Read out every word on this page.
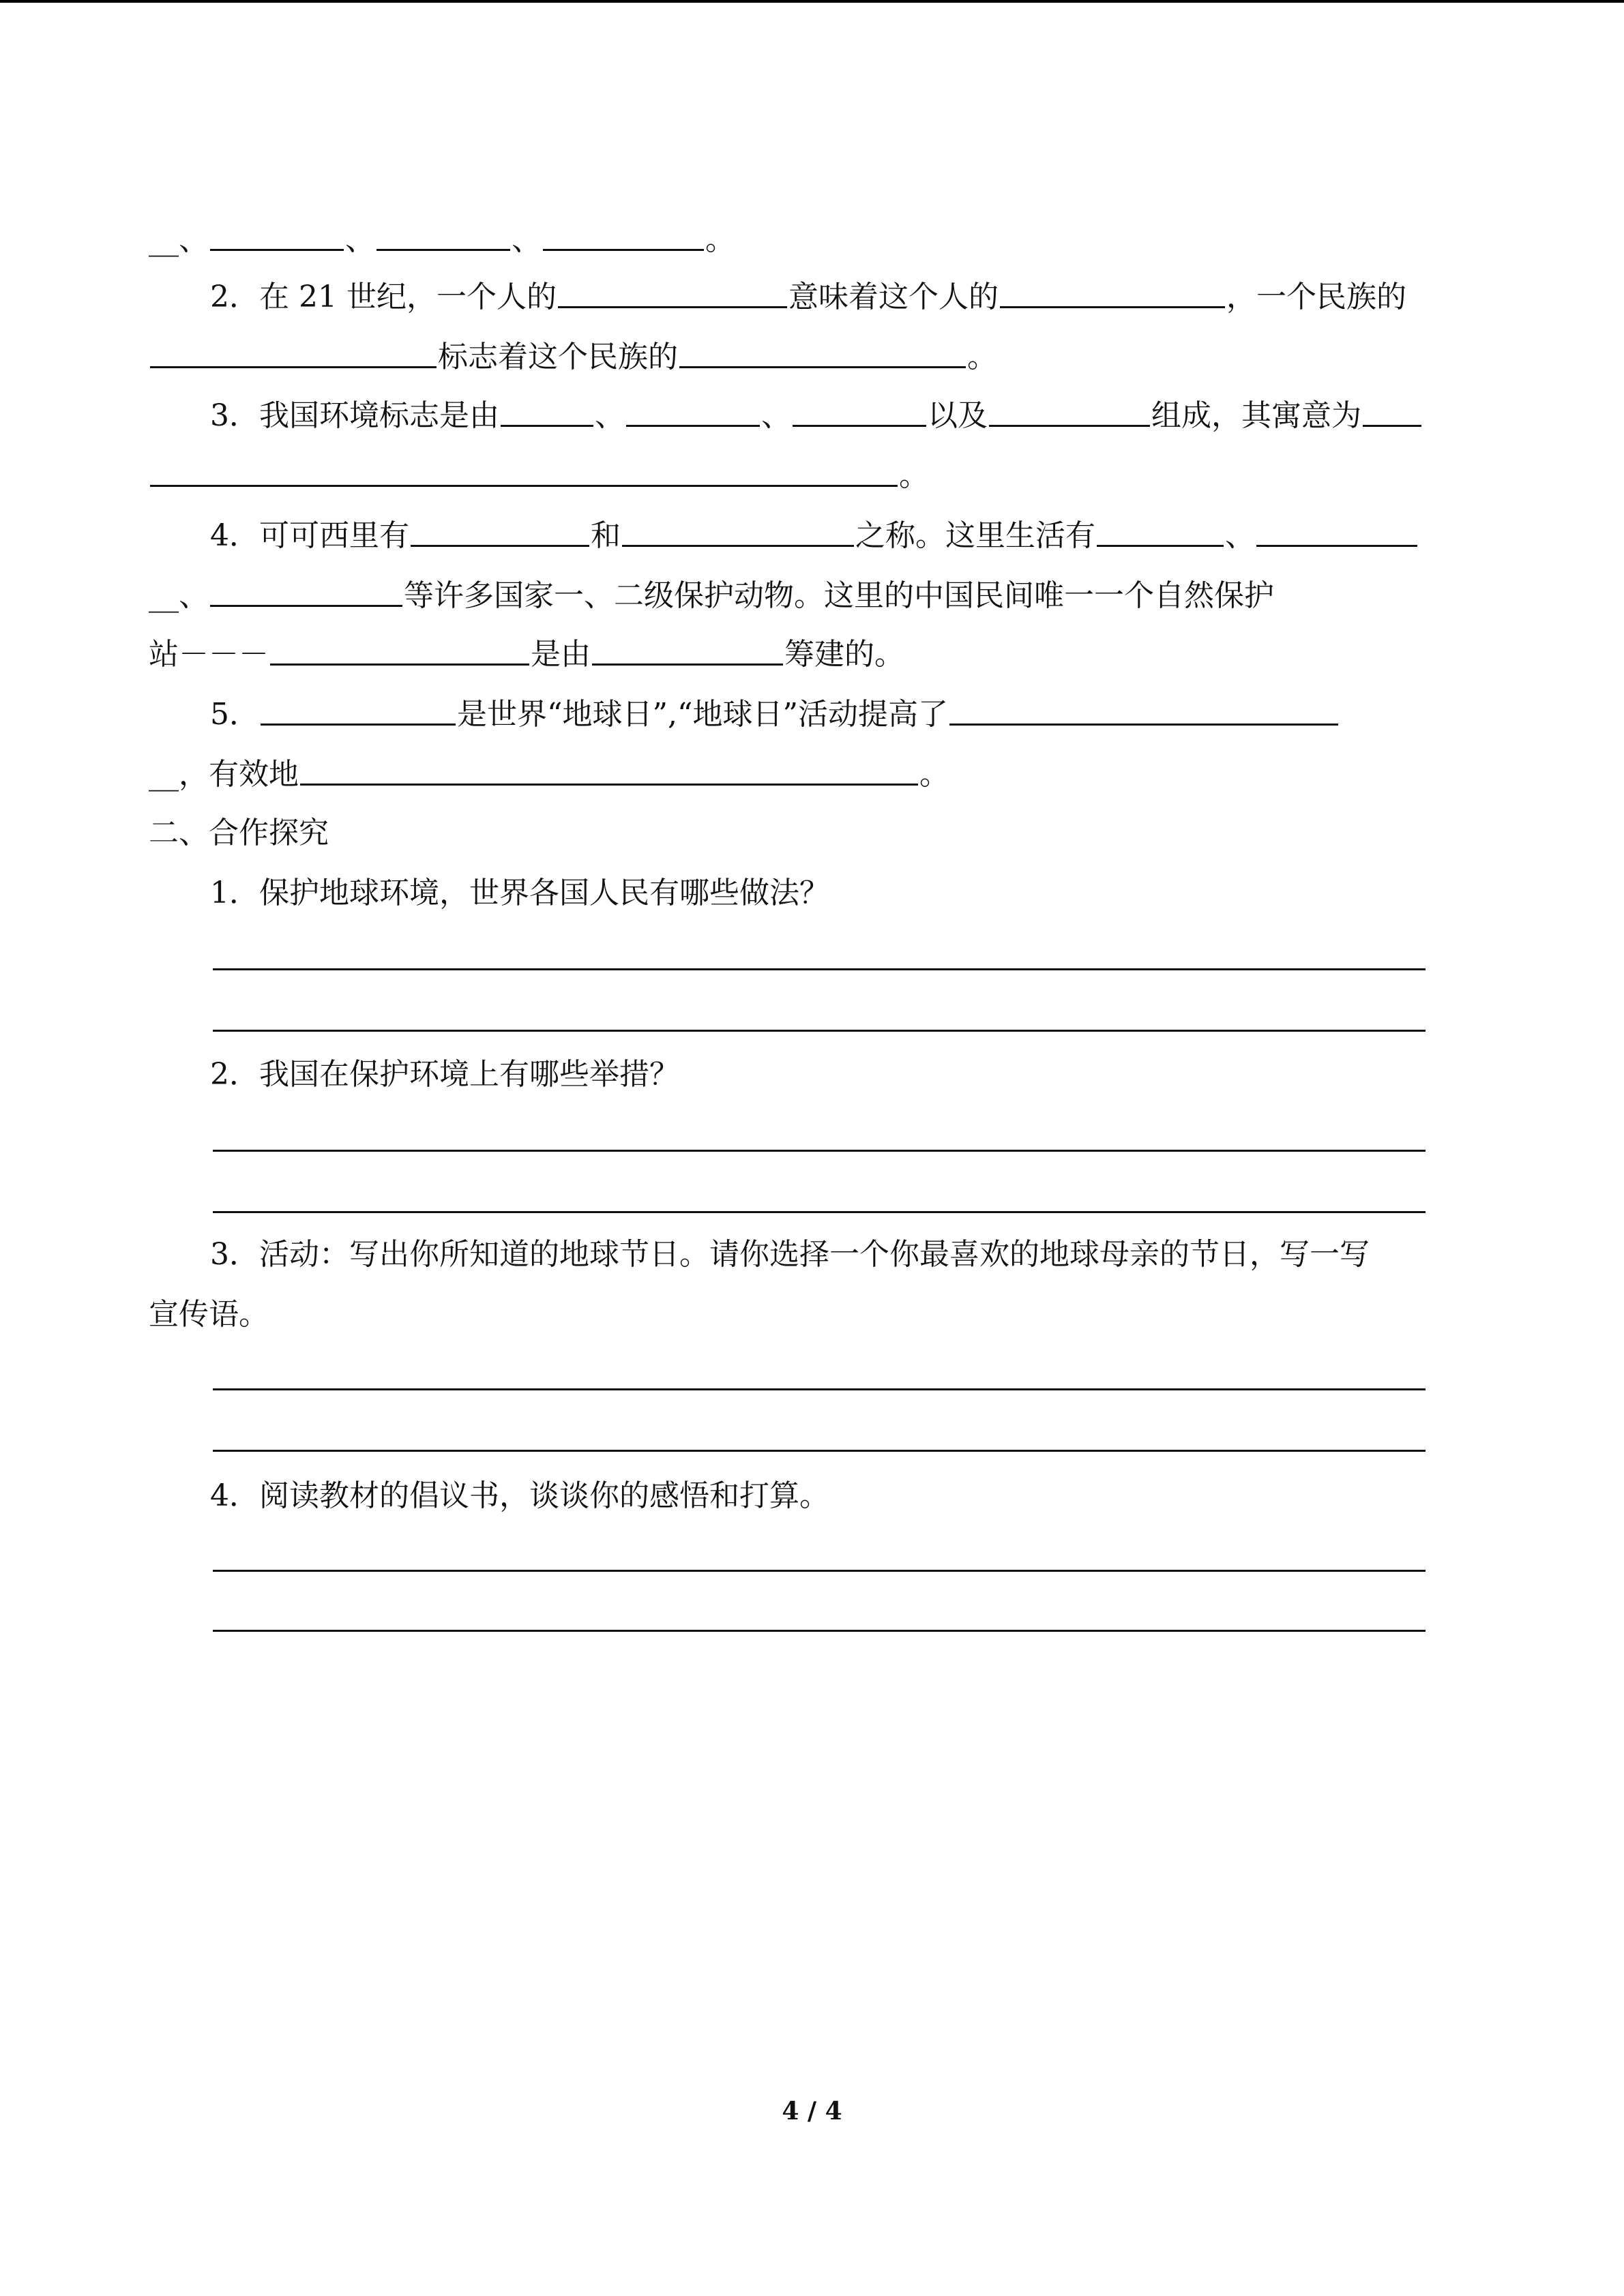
__、	、	、	。
2．在 21 世纪，一个人的	意味着这个人的	，一个民族的
标志着这个民族的	。
3．我国环境标志是由	、	、	以及	组成，其寓意为
。
4．可可西里有	和	之称。这里生活有	、
__、	等许多国家一、二级保护动物。这里的中国民间唯一一个自然保护
站－－－	是由	筹建的。
5．	是世界“地球日”,“地球日”活动提高了
__，有效地	。
二、合作探究
1．保护地球环境，世界各国人民有哪些做法？
2．我国在保护环境上有哪些举措？
3．活动：写出你所知道的地球节日。请你选择一个你最喜欢的地球母亲的节日，写一写
宣传语。
4．阅读教材的倡议书，谈谈你的感悟和打算。
4 / 4
